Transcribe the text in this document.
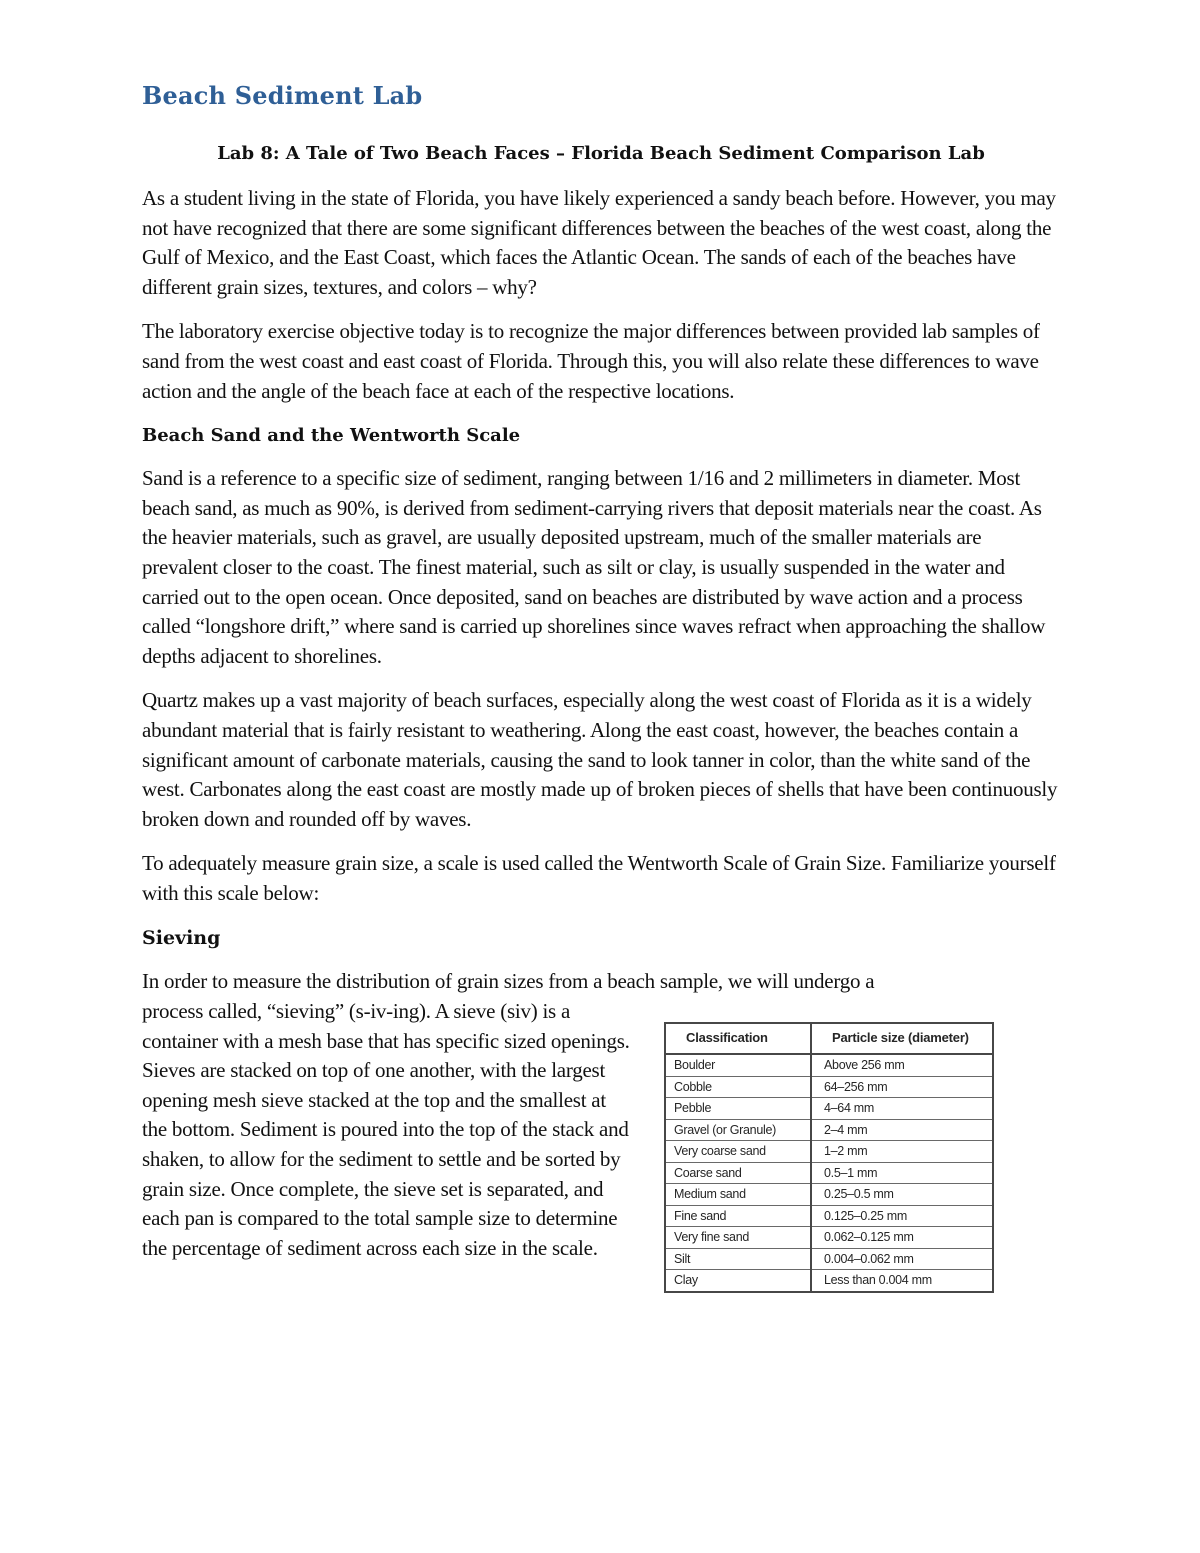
Beach Sediment Lab
Lab 8: A Tale of Two Beach Faces – Florida Beach Sediment Comparison Lab

As a student living in the state of Florida, you have likely experienced a sandy beach before. However, you may not have recognized that there are some significant differences between the beaches of the west coast, along the Gulf of Mexico, and the East Coast, which faces the Atlantic Ocean. The sands of each of the beaches have different grain sizes, textures, and colors – why?

The laboratory exercise objective today is to recognize the major differences between provided lab samples of sand from the west coast and east coast of Florida. Through this, you will also relate these differences to wave action and the angle of the beach face at each of the respective locations.

Beach Sand and the Wentworth Scale

Sand is a reference to a specific size of sediment, ranging between 1/16 and 2 millimeters in diameter. Most beach sand, as much as 90%, is derived from sediment-carrying rivers that deposit materials near the coast. As the heavier materials, such as gravel, are usually deposited upstream, much of the smaller materials are prevalent closer to the coast. The finest material, such as silt or clay, is usually suspended in the water and carried out to the open ocean. Once deposited, sand on beaches are distributed by wave action and a process called “longshore drift,” where sand is carried up shorelines since waves refract when approaching the shallow depths adjacent to shorelines.

Quartz makes up a vast majority of beach surfaces, especially along the west coast of Florida as it is a widely abundant material that is fairly resistant to weathering. Along the east coast, however, the beaches contain a significant amount of carbonate materials, causing the sand to look tanner in color, than the white sand of the west. Carbonates along the east coast are mostly made up of broken pieces of shells that have been continuously broken down and rounded off by waves.

To adequately measure grain size, a scale is used called the Wentworth Scale of Grain Size. Familiarize yourself with this scale below:

Sieving

In order to measure the distribution of grain sizes from a beach sample, we will undergo a

process called, “sieving” (s-iv-ing). A sieve (siv) is a container with a mesh base that has specific sized openings. Sieves are stacked on top of one another, with the largest opening mesh sieve stacked at the top and the smallest at the bottom. Sediment is poured into the top of the stack and shaken, to allow for the sediment to settle and be sorted by grain size. Once complete, the sieve set is separated, and each pan is compared to the total sample size to determine the percentage of sediment across each size in the scale.

Classification	Particle size (diameter)
Boulder	Above 256 mm
Cobble	64–256 mm
Pebble	4–64 mm
Gravel (or Granule)	2–4 mm
Very coarse sand	1–2 mm
Coarse sand	0.5–1 mm
Medium sand	0.25–0.5 mm
Fine sand	0.125–0.25 mm
Very fine sand	0.062–0.125 mm
Silt	0.004–0.062 mm
Clay	Less than 0.004 mm
